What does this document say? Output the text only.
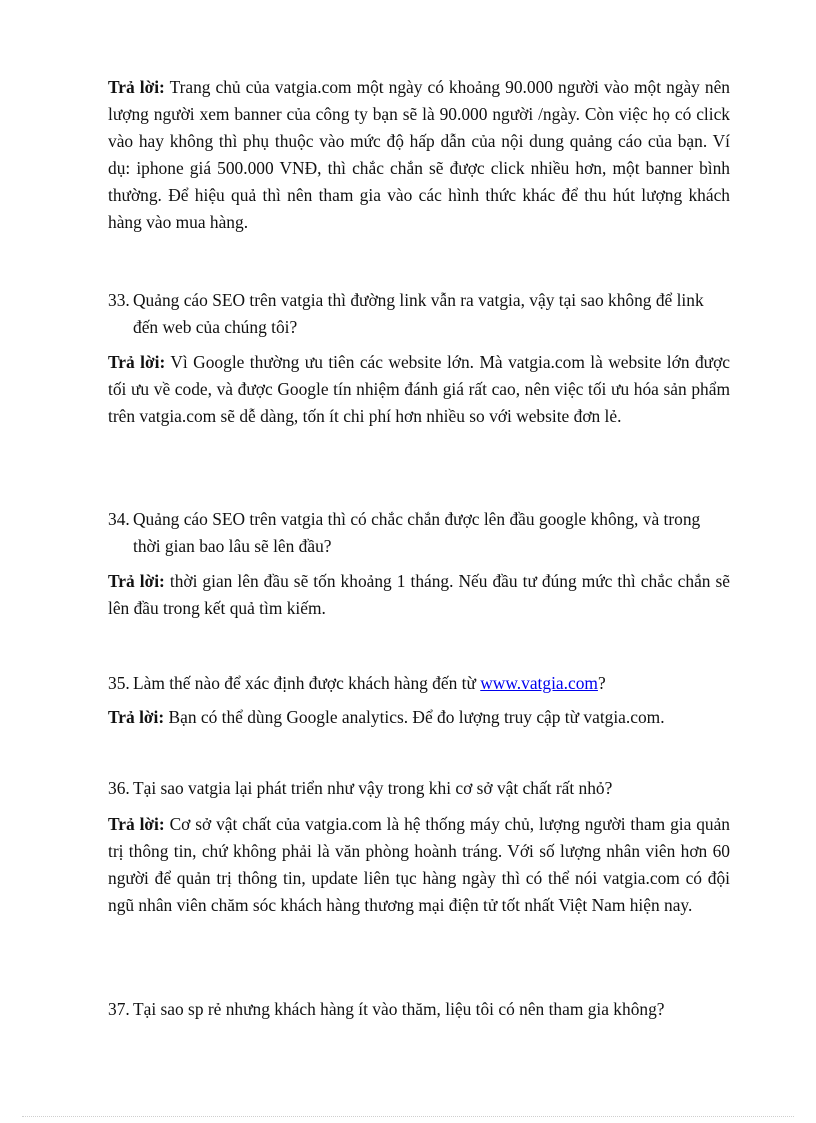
Trả lời: Trang chủ của vatgia.com một ngày có khoảng 90.000 người vào một ngày nên lượng người xem banner của công ty bạn sẽ là 90.000 người /ngày. Còn việc họ có click vào hay không thì phụ thuộc vào mức độ hấp dẫn của nội dung quảng cáo của bạn. Ví dụ: iphone giá 500.000 VNĐ, thì chắc chắn sẽ được click nhiều hơn, một banner bình thường. Để hiệu quả thì nên tham gia vào các hình thức khác để thu hút lượng khách hàng vào mua hàng.

33. Quảng cáo SEO trên vatgia thì đường link vẫn ra vatgia, vậy tại sao không để link đến web của chúng tôi?

Trả lời: Vì Google thường ưu tiên các website lớn. Mà vatgia.com là website lớn được tối ưu về code, và được Google tín nhiệm đánh giá rất cao, nên việc tối ưu hóa sản phẩm trên vatgia.com sẽ dễ dàng, tốn ít chi phí hơn nhiều so với website đơn lẻ.

34. Quảng cáo SEO trên vatgia thì có chắc chắn được lên đầu google không, và trong thời gian bao lâu sẽ lên đầu?

Trả lời: thời gian lên đầu sẽ tốn khoảng 1 tháng. Nếu đầu tư đúng mức thì chắc chắn sẽ lên đầu trong kết quả tìm kiếm.

35. Làm thế nào để xác định được khách hàng đến từ www.vatgia.com?

Trả lời: Bạn có thể dùng Google analytics. Để đo lượng truy cập từ vatgia.com.

36. Tại sao vatgia lại phát triển như vậy trong khi cơ sở vật chất rất nhỏ?

Trả lời: Cơ sở vật chất của vatgia.com là hệ thống máy chủ, lượng người tham gia quản trị thông tin, chứ không phải là văn phòng hoành tráng. Với số lượng nhân viên hơn 60 người để quản trị thông tin, update liên tục hàng ngày thì có thể nói vatgia.com có đội ngũ nhân viên chăm sóc khách hàng thương mại điện tử tốt nhất Việt Nam hiện nay.

37. Tại sao sp rẻ nhưng khách hàng ít vào thăm, liệu tôi có nên tham gia không?
